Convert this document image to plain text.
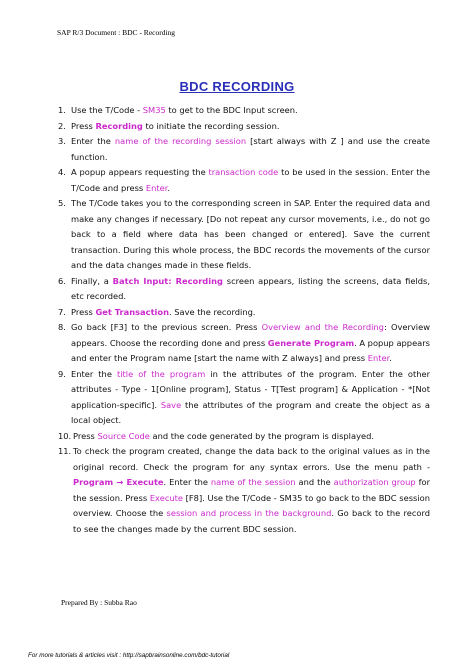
SAP R/3 Document : BDC - Recording
BDC RECORDING
1. Use the T/Code - SM35 to get to the BDC Input screen.
2. Press Recording to initiate the recording session.
3. Enter the name of the recording session [start always with Z ] and use the create function.
4. A popup appears requesting the transaction code to be used in the session. Enter the T/Code and press Enter.
5. The T/Code takes you to the corresponding screen in SAP. Enter the required data and make any changes if necessary. [Do not repeat any cursor movements, i.e., do not go back to a field where data has been changed or entered]. Save the current transaction. During this whole process, the BDC records the movements of the cursor and the data changes made in these fields.
6. Finally, a Batch Input: Recording screen appears, listing the screens, data fields, etc recorded.
7. Press Get Transaction. Save the recording.
8. Go back [F3] to the previous screen. Press Overview and the Recording: Overview appears. Choose the recording done and press Generate Program. A popup appears and enter the Program name [start the name with Z always] and press Enter.
9. Enter the title of the program in the attributes of the program. Enter the other attributes - Type - 1[Online program], Status - T[Test program] & Application - *[Not application-specific]. Save the attributes of the program and create the object as a local object.
10. Press Source Code and the code generated by the program is displayed.
11. To check the program created, change the data back to the original values as in the original record. Check the program for any syntax errors. Use the menu path - Program → Execute. Enter the name of the session and the authorization group for the session. Press Execute [F8]. Use the T/Code - SM35 to go back to the BDC session overview. Choose the session and process in the background. Go back to the record to see the changes made by the current BDC session.
Prepared By : Subba Rao
For more tutorials & articles visit : http://sapbrainsonline.com/bdc-tutorial
